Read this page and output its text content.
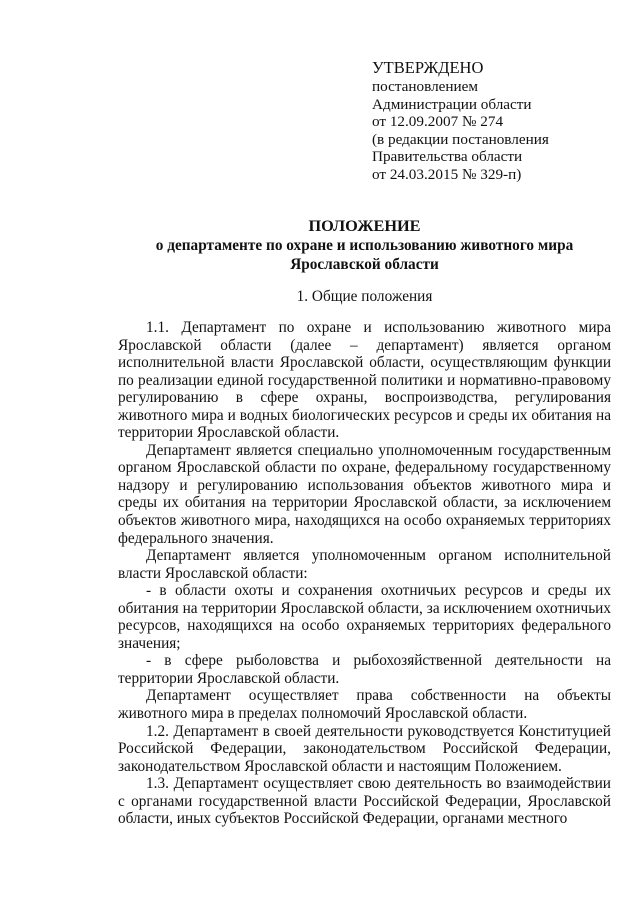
УТВЕРЖДЕНО
постановлением
Администрации области
от 12.09.2007 № 274
(в редакции постановления
Правительства области
от 24.03.2015 № 329-п)
ПОЛОЖЕНИЕ
о департаменте по охране и использованию животного мира
Ярославской области
1. Общие положения

1.1. Департамент по охране и использованию животного мира Ярославской области (далее – департамент) является органом исполнительной власти Ярославской области, осуществляющим функции по реализации единой государственной политики и нормативно-правовому регулированию в сфере охраны, воспроизводства, регулирования животного мира и водных биологических ресурсов и среды их обитания на территории Ярославской области.

Департамент является специально уполномоченным государственным органом Ярославской области по охране, федеральному государственному надзору и регулированию использования объектов животного мира и среды их обитания на территории Ярославской области, за исключением объектов животного мира, находящихся на особо охраняемых территориях федерального значения.

Департамент является уполномоченным органом исполнительной власти Ярославской области:

- в области охоты и сохранения охотничьих ресурсов и среды их обитания на территории Ярославской области, за исключением охотничьих ресурсов, находящихся на особо охраняемых территориях федерального значения;

- в сфере рыболовства и рыбохозяйственной деятельности на территории Ярославской области.

Департамент осуществляет права собственности на объекты животного мира в пределах полномочий Ярославской области.

1.2. Департамент в своей деятельности руководствуется Конституцией Российской Федерации, законодательством Российской Федерации, законодательством Ярославской области и настоящим Положением.

1.3. Департамент осуществляет свою деятельность во взаимодействии с органами государственной власти Российской Федерации, Ярославской области, иных субъектов Российской Федерации, органами местного
